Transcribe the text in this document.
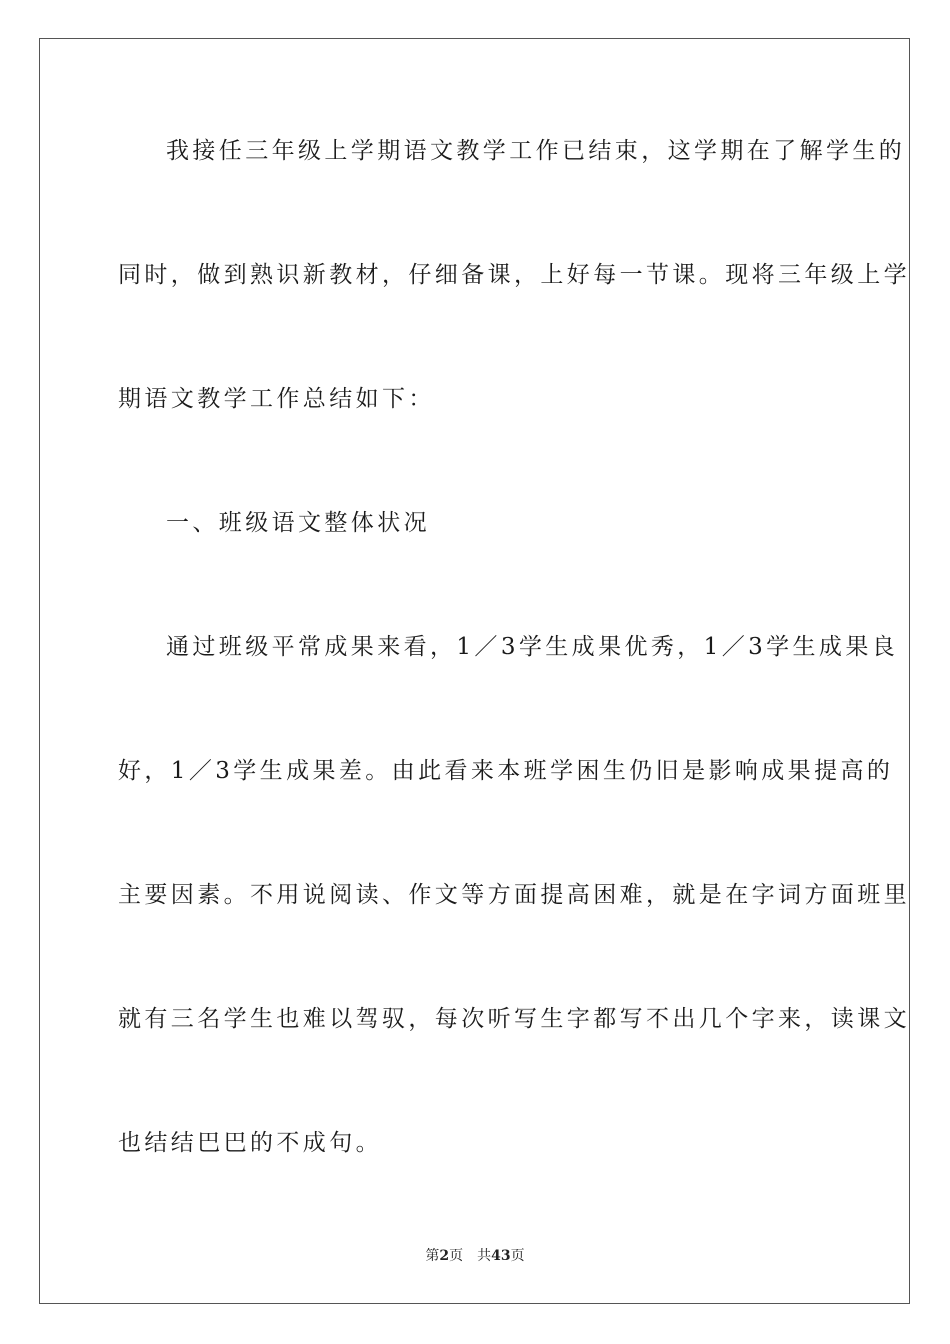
我接任三年级上学期语文教学工作已结束，这学期在了解学生的
同时，做到熟识新教材，仔细备课，上好每一节课。现将三年级上学
期语文教学工作总结如下：
一、班级语文整体状况
通过班级平常成果来看，1／3学生成果优秀，1／3学生成果良
好，1／3学生成果差。由此看来本班学困生仍旧是影响成果提高的
主要因素。不用说阅读、作文等方面提高困难，就是在字词方面班里
就有三名学生也难以驾驭，每次听写生字都写不出几个字来，读课文
也结结巴巴的不成句。
第2页 共43页
